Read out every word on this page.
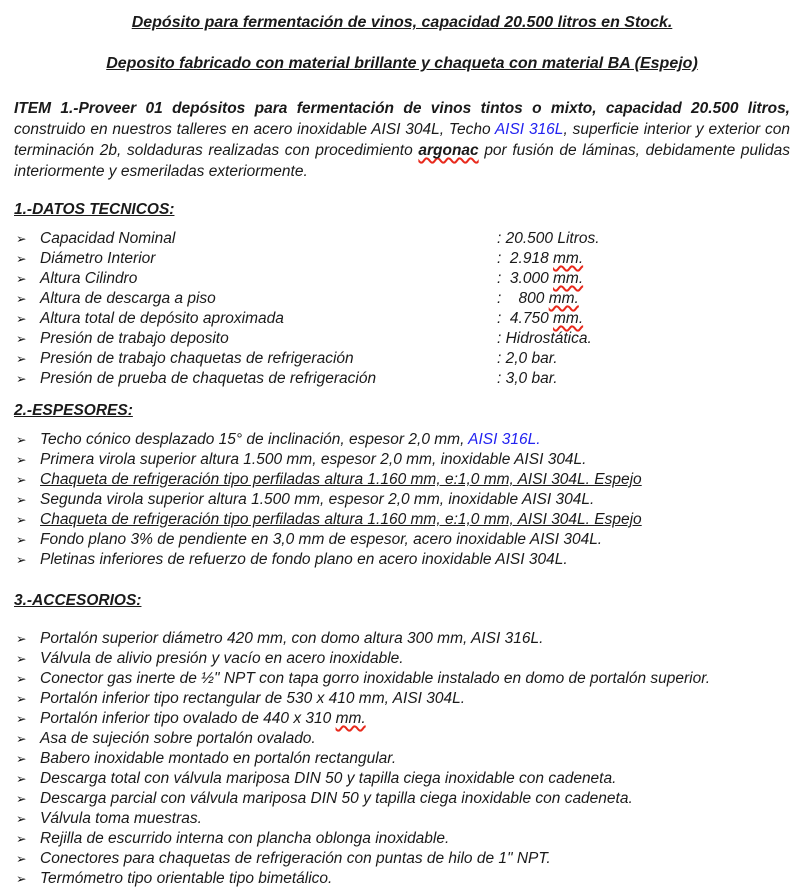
Depósito para fermentación de vinos, capacidad 20.500 litros en Stock.
Deposito fabricado con material brillante y chaqueta con material BA (Espejo)

ITEM 1.-Proveer 01 depósitos para fermentación de vinos tintos o mixto, capacidad 20.500 litros, construido en nuestros talleres en acero inoxidable AISI 304L, Techo AISI 316L, superficie interior y exterior con terminación 2b, soldaduras realizadas con procedimiento argonac por fusión de láminas, debidamente pulidas interiormente y esmeriladas exteriormente.

1.-DATOS TECNICOS:
➢ Capacidad Nominal	: 20.500 Litros.
➢ Diámetro Interior	:  2.918 mm.
➢ Altura Cilindro	:  3.000 mm.
➢ Altura de descarga a piso	:    800 mm.
➢ Altura total de depósito aproximada	:  4.750 mm.
➢ Presión de trabajo deposito	: Hidrostática.
➢ Presión de trabajo chaquetas de refrigeración	: 2,0 bar.
➢ Presión de prueba de chaquetas de refrigeración	: 3,0 bar.
2.-ESPESORES:
➢ Techo cónico desplazado 15° de inclinación, espesor 2,0 mm, AISI 316L.
➢ Primera virola superior altura 1.500 mm, espesor 2,0 mm, inoxidable AISI 304L.
➢ Chaqueta de refrigeración tipo perfiladas altura 1.160 mm, e:1,0 mm, AISI 304L. Espejo
➢ Segunda virola superior altura 1.500 mm, espesor 2,0 mm, inoxidable AISI 304L.
➢ Chaqueta de refrigeración tipo perfiladas altura 1.160 mm, e:1,0 mm, AISI 304L. Espejo
➢ Fondo plano 3% de pendiente en 3,0 mm de espesor, acero inoxidable AISI 304L.
➢ Pletinas inferiores de refuerzo de fondo plano en acero inoxidable AISI 304L.
3.-ACCESORIOS:
➢ Portalón superior diámetro 420 mm, con domo altura 300 mm, AISI 316L.
➢ Válvula de alivio presión y vacío en acero inoxidable.
➢ Conector gas inerte de ½" NPT con tapa gorro inoxidable instalado en domo de portalón superior.
➢ Portalón inferior tipo rectangular de 530 x 410 mm, AISI 304L.
➢ Portalón inferior tipo ovalado de 440 x 310 mm.
➢ Asa de sujeción sobre portalón ovalado.
➢ Babero inoxidable montado en portalón rectangular.
➢ Descarga total con válvula mariposa DIN 50 y tapilla ciega inoxidable con cadeneta.
➢ Descarga parcial con válvula mariposa DIN 50 y tapilla ciega inoxidable con cadeneta.
➢ Válvula toma muestras.
➢ Rejilla de escurrido interna con plancha oblonga inoxidable.
➢ Conectores para chaquetas de refrigeración con puntas de hilo de 1" NPT.
➢ Termómetro tipo orientable tipo bimetálico.
